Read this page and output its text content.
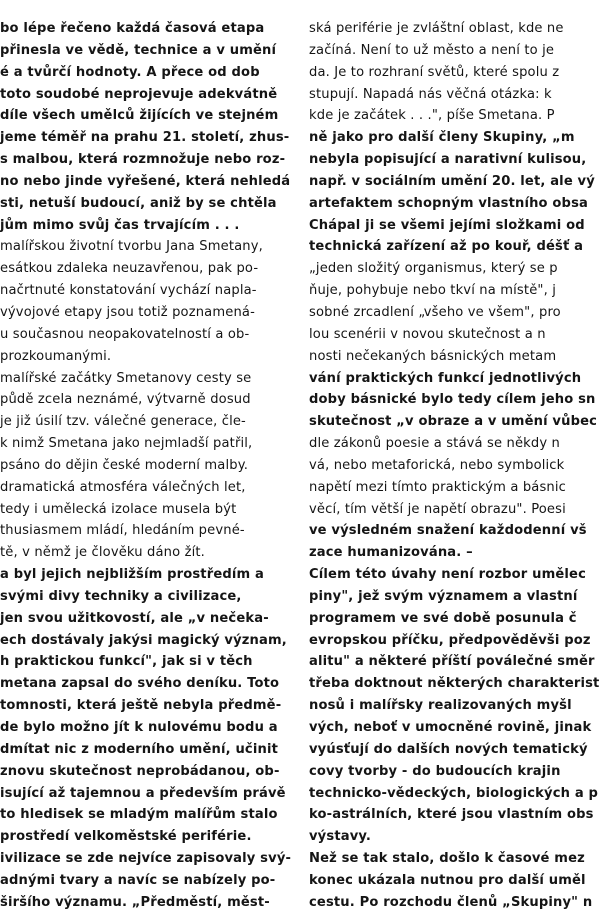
bo lépe řečeno každá časová etapa
přinesla ve vědě, technice a v umění
é a tvůrčí hodnoty. A přece od dob
toto soudobé neprojevuje adekvátně
díle všech umělců žijících ve stejném
jeme téměř na prahu 21. století, zhus-
s malbou, která rozmnožuje nebo roz-
no nebo jinde vyřešené, která nehledá
sti, netuší budoucí, aniž by se chtěla
jům mimo svůj čas trvajícím . . .
malířskou životní tvorbu Jana Smetany,
esátkou zdaleka neuzavřenou, pak po-
načrtnuté konstatování vychází napla-
vývojové etapy jsou totiž poznamená-
u současnou neopakovatelností a ob-
prozkoumanými.
malířské začátky Smetanovy cesty se
půdě zcela neznámé, výtvarně dosud
je již úsilí tzv. válečné generace, čle-
k nimž Smetana jako nejmladší patřil,
psáno do dějin české moderní malby.
dramatická atmosféra válečných let,
tedy i umělecká izolace musela být
thusiasmem mládí, hledáním pevné-
tě, v němž je člověku dáno žít.
a byl jejich nejbližším prostředím a
svými divy techniky a civilizace,
jen svou užitkovostí, ale „v nečeka-
ech dostávaly jakýsi magický význam,
h praktickou funkcí", jak si v těch
metana zapsal do svého deníku. Toto
tomnosti, která ještě nebyla předmě-
de bylo možno jít k nulovému bodu a
dmítat nic z moderního umění, učinit
znovu skutečnost neprobádanou, ob-
isující až tajemnou a především právě
to hledisek se mladým malířům stalo
prostředí velkoměstské periférie.
ivilizace se zde nejvíce zapisovaly svý-
adnými tvary a navíc se nabízely po-
širšího významu. „Předměstí, měst-
ská periférie je zvláštní oblast, kde ne
začíná. Není to už město a není to je
da. Je to rozhraní světů, které spolu z
stupují. Napadá nás věčná otázka: k
kde je začátek . . .", píše Smetana. P
ně jako pro další členy Skupiny, „m
nebyla popisující a narativní kulisou,
např. v sociálním umění 20. let, ale vý
artefaktem schopným vlastního obsa
Chápal ji se všemi jejími složkami od
technická zařízení až po kouř, déšť a
„jeden složitý organismus, který se p
ňuje, pohybuje nebo tkví na místě", j
sobné zrcadlení „všeho ve všem", pro
lou scenérii v novou skutečnost a n
nosti nečekaných básnických metam
vání praktických funkcí jednotlivých
doby básnické bylo tedy cílem jeho sn
skutečnost „v obraze a v umění vůbec
dle zákonů poesie a stává se někdy n
vá, nebo metaforická, nebo symbolick
napětí mezi tímto praktickým a básnic
věcí, tím větší je napětí obrazu". Poesi
ve výsledném snažení každodenní vš
zace humanizována. –
Cílem této úvahy není rozbor umělec
piny", jež svým významem a vlastní
programem ve své době posunula č
evropskou příčku, předpověděvši poz
alitu" a některé příští poválečné směr
třeba doktnout některých charakterist
nosů i malířsky realizovaných myšl
vých, neboť v umocněné rovině, jinak
vyúsťují do dalších nových tematický
covy tvorby - do budoucích krajin
technicko-vědeckých, biologických a p
ko-astrálních, které jsou vlastním obs
výstavy.
Než se tak stalo, došlo k časové mez
konec ukázala nutnou pro další uměl
cestu. Po rozchodu členů „Skupiny" n
